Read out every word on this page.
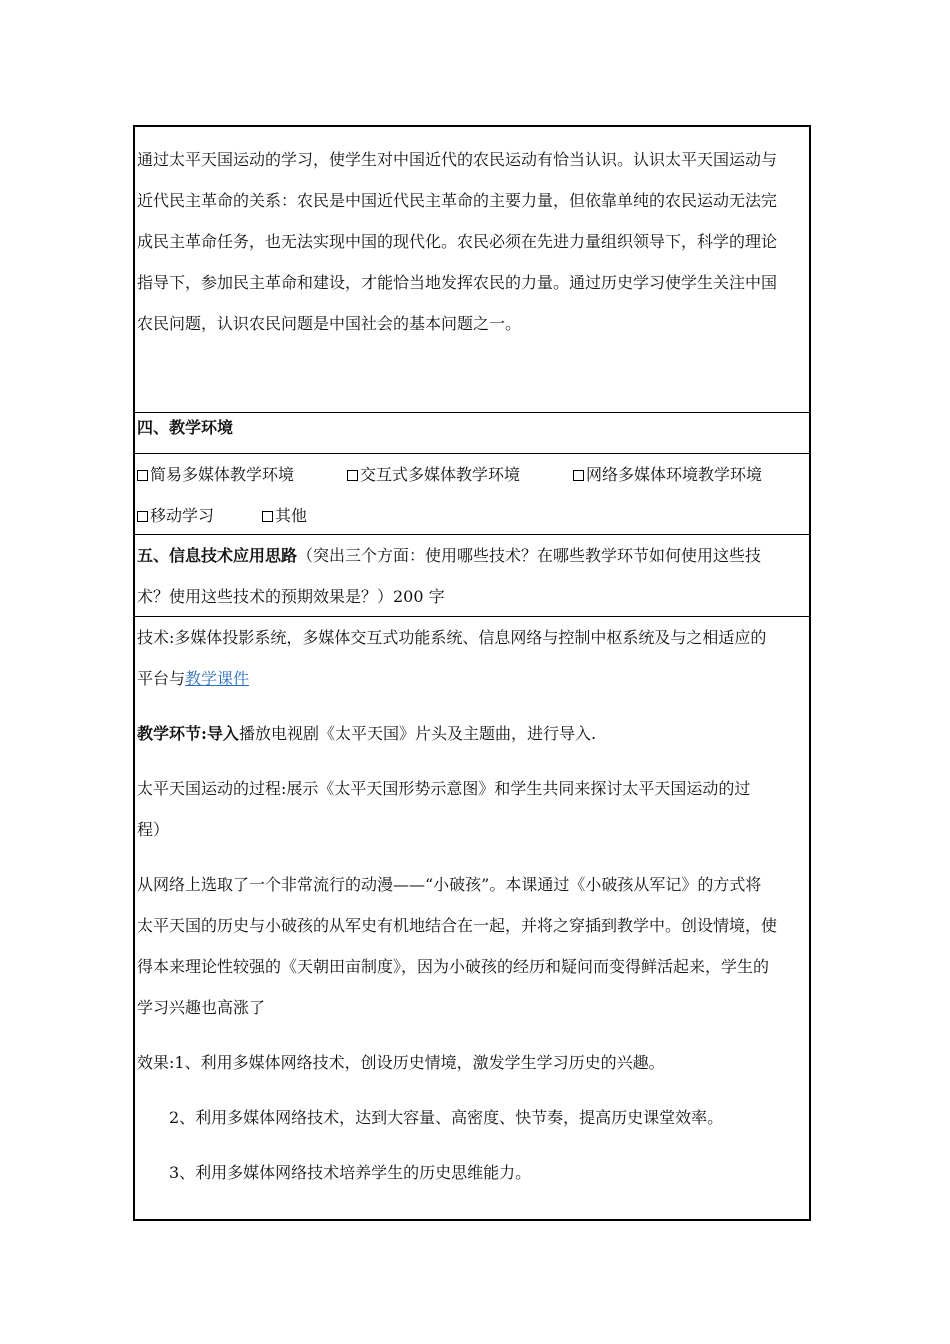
通过太平天国运动的学习，使学生对中国近代的农民运动有恰当认识。认识太平天国运动与
近代民主革命的关系：农民是中国近代民主革命的主要力量，但依靠单纯的农民运动无法完
成民主革命任务，也无法实现中国的现代化。农民必须在先进力量组织领导下，科学的理论
指导下，参加民主革命和建设，才能恰当地发挥农民的力量。通过历史学习使学生关注中国
农民问题，认识农民问题是中国社会的基本问题之一。
四、教学环境
简易多媒体教学环境	交互式多媒体教学环境	网络多媒体环境教学环境
移动学习	其他
五、信息技术应用思路（突出三个方面：使用哪些技术？在哪些教学环节如何使用这些技
术？使用这些技术的预期效果是？）200 字
技术:多媒体投影系统，多媒体交互式功能系统、信息网络与控制中枢系统及与之相适应的
平台与教学课件
教学环节:导入播放电视剧《太平天国》片头及主题曲，进行导入.
太平天国运动的过程:展示《太平天国形势示意图》和学生共同来探讨太平天国运动的过
程）
从网络上选取了一个非常流行的动漫——“小破孩”。本课通过《小破孩从军记》的方式将
太平天国的历史与小破孩的从军史有机地结合在一起，并将之穿插到教学中。创设情境，使
得本来理论性较强的《天朝田亩制度》，因为小破孩的经历和疑问而变得鲜活起来，学生的
学习兴趣也高涨了
效果:1、利用多媒体网络技术，创设历史情境，激发学生学习历史的兴趣。
2、利用多媒体网络技术，达到大容量、高密度、快节奏，提高历史课堂效率。
3、利用多媒体网络技术培养学生的历史思维能力。
